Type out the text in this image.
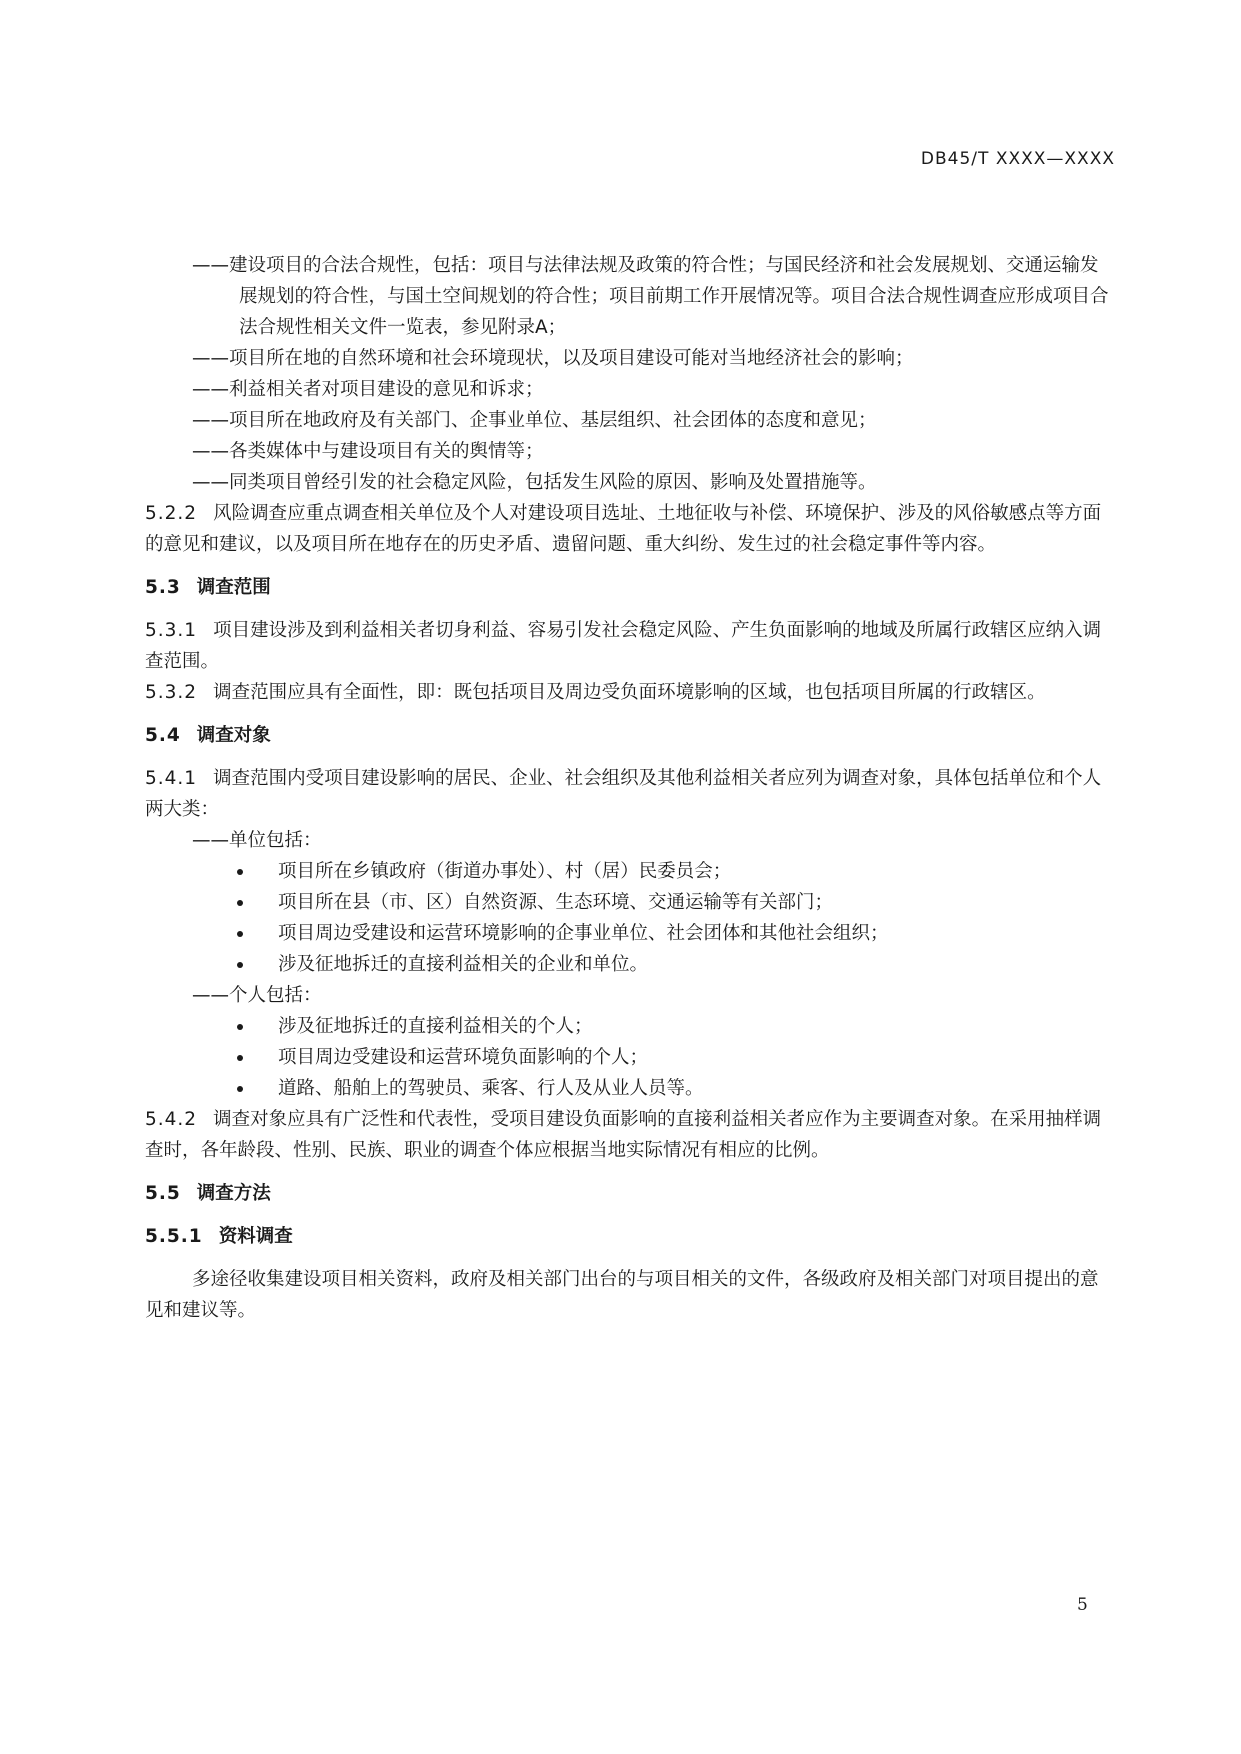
DB45/T XXXX—XXXX

——建设项目的合法合规性，包括：项目与法律法规及政策的符合性；与国民经济和社会发展规划、交通运输发展规划的符合性，与国土空间规划的符合性；项目前期工作开展情况等。项目合法合规性调查应形成项目合法合规性相关文件一览表，参见附录A；

——项目所在地的自然环境和社会环境现状，以及项目建设可能对当地经济社会的影响；

——利益相关者对项目建设的意见和诉求；

——项目所在地政府及有关部门、企事业单位、基层组织、社会团体的态度和意见；

——各类媒体中与建设项目有关的舆情等；

——同类项目曾经引发的社会稳定风险，包括发生风险的原因、影响及处置措施等。

5.2.2 风险调查应重点调查相关单位及个人对建设项目选址、土地征收与补偿、环境保护、涉及的风俗敏感点等方面的意见和建议，以及项目所在地存在的历史矛盾、遗留问题、重大纠纷、发生过的社会稳定事件等内容。

5.3 调查范围

5.3.1 项目建设涉及到利益相关者切身利益、容易引发社会稳定风险、产生负面影响的地域及所属行政辖区应纳入调查范围。

5.3.2 调查范围应具有全面性，即：既包括项目及周边受负面环境影响的区域，也包括项目所属的行政辖区。

5.4 调查对象

5.4.1 调查范围内受项目建设影响的居民、企业、社会组织及其他利益相关者应列为调查对象，具体包括单位和个人两大类：

——单位包括：

项目所在乡镇政府（街道办事处）、村（居）民委员会；
项目所在县（市、区）自然资源、生态环境、交通运输等有关部门；
项目周边受建设和运营环境影响的企事业单位、社会团体和其他社会组织；
涉及征地拆迁的直接利益相关的企业和单位。

——个人包括：

涉及征地拆迁的直接利益相关的个人；
项目周边受建设和运营环境负面影响的个人；
道路、船舶上的驾驶员、乘客、行人及从业人员等。

5.4.2 调查对象应具有广泛性和代表性，受项目建设负面影响的直接利益相关者应作为主要调查对象。在采用抽样调查时，各年龄段、性别、民族、职业的调查个体应根据当地实际情况有相应的比例。

5.5 调查方法

5.5.1 资料调查

多途径收集建设项目相关资料，政府及相关部门出台的与项目相关的文件，各级政府及相关部门对项目提出的意见和建议等。

5
